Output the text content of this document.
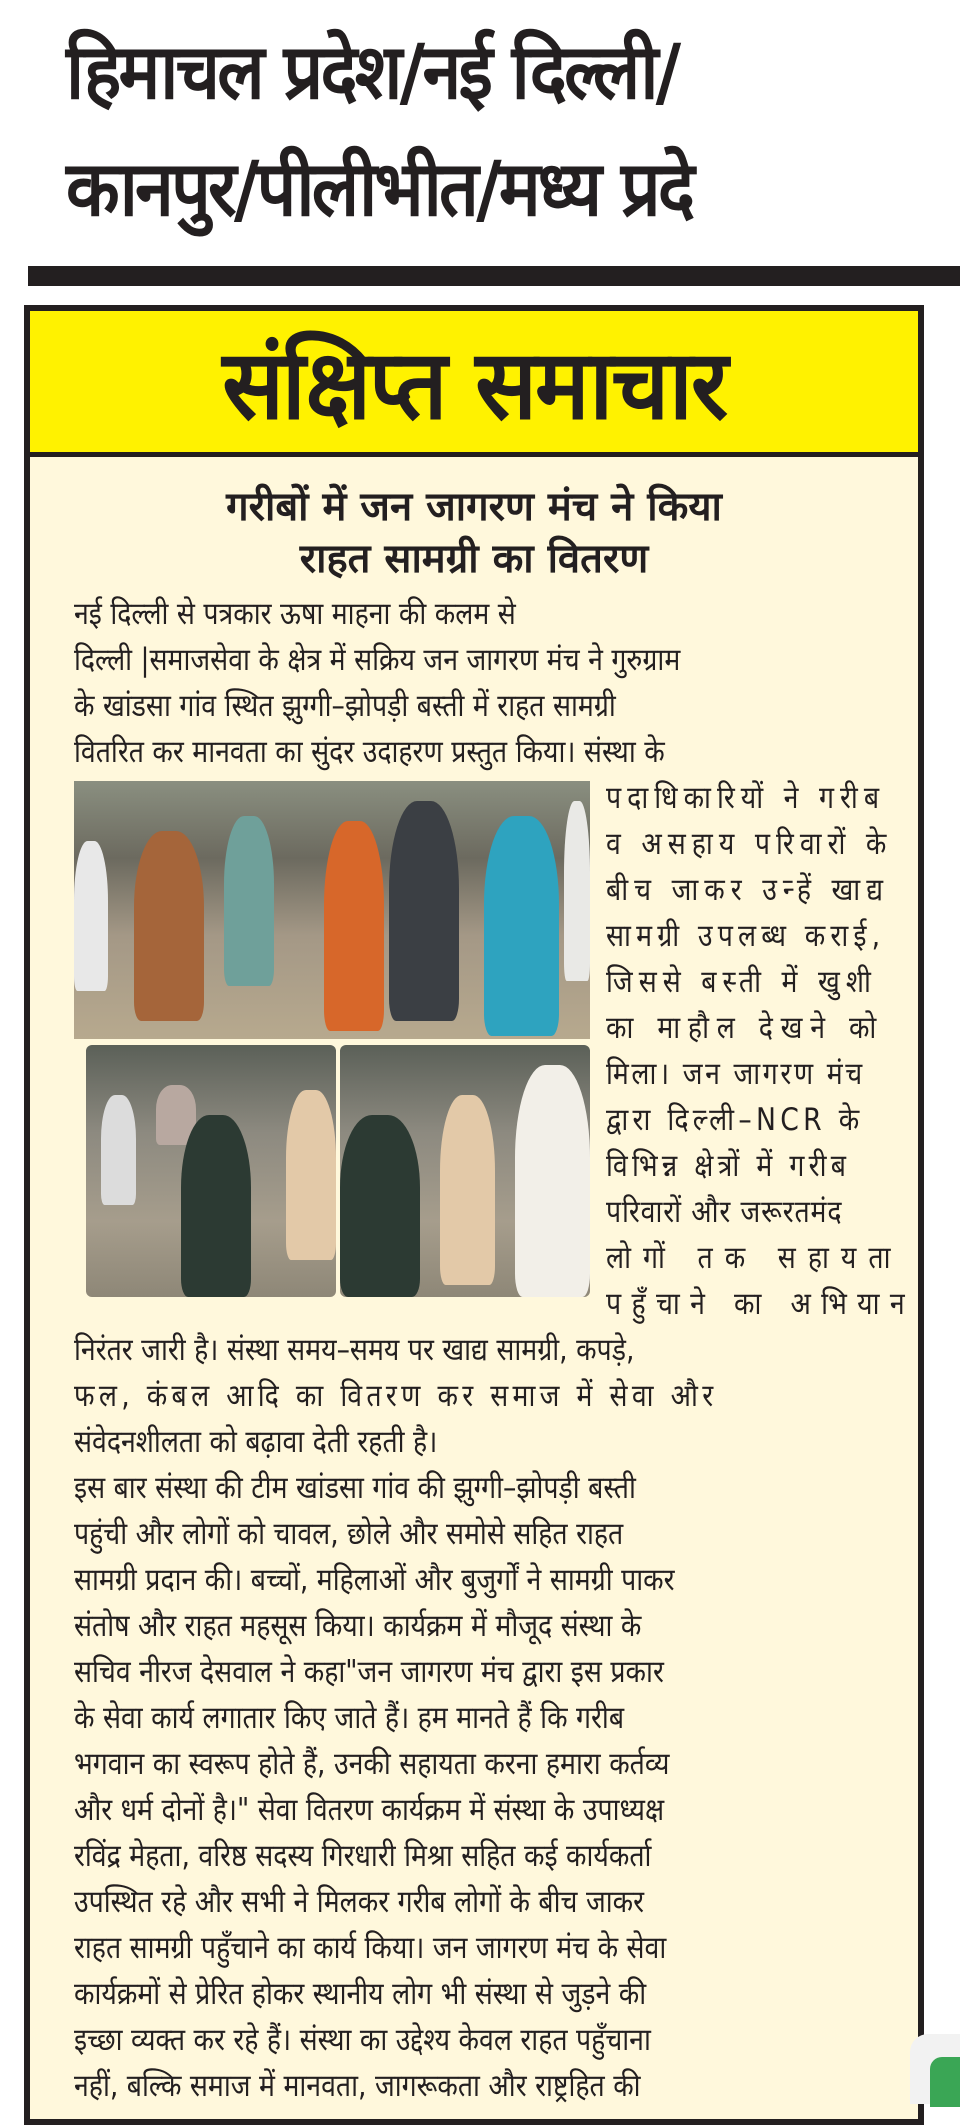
हिमाचल प्रदेश/नई दिल्ली/
कानपुर/पीलीभीत/मध्य प्रदे
संक्षिप्त समाचार
गरीबों में जन जागरण मंच ने किया
राहत सामग्री का वितरण
नई दिल्ली से पत्रकार ऊषा माहना की कलम से
दिल्ली |समाजसेवा के क्षेत्र में सक्रिय जन जागरण मंच ने गुरुग्राम
के खांडसा गांव स्थित झुग्गी–झोपड़ी बस्ती में राहत सामग्री
वितरित कर मानवता का सुंदर उदाहरण प्रस्तुत किया। संस्था के
पदाधिकारियों ने गरीब
व असहाय परिवारों के
बीच जाकर उन्हें खाद्य
सामग्री उपलब्ध कराई,
जिससे बस्ती में खुशी
का माहौल देखने को
मिला। जन जागरण मंच
द्वारा दिल्ली–NCR के
विभिन्न क्षेत्रों में गरीब
परिवारों और जरूरतमंद
लोगों तक सहायता
पहुँचाने का अभियान
निरंतर जारी है। संस्था समय–समय पर खाद्य सामग्री, कपड़े,
फल, कंबल आदि का वितरण कर समाज में सेवा और
संवेदनशीलता को बढ़ावा देती रहती है।
इस बार संस्था की टीम खांडसा गांव की झुग्गी–झोपड़ी बस्ती
पहुंची और लोगों को चावल, छोले और समोसे सहित राहत
सामग्री प्रदान की। बच्चों, महिलाओं और बुजुर्गों ने सामग्री पाकर
संतोष और राहत महसूस किया। कार्यक्रम में मौजूद संस्था के
सचिव नीरज देसवाल ने कहा"जन जागरण मंच द्वारा इस प्रकार
के सेवा कार्य लगातार किए जाते हैं। हम मानते हैं कि गरीब
भगवान का स्वरूप होते हैं, उनकी सहायता करना हमारा कर्तव्य
और धर्म दोनों है।" सेवा वितरण कार्यक्रम में संस्था के उपाध्यक्ष
रविंद्र मेहता, वरिष्ठ सदस्य गिरधारी मिश्रा सहित कई कार्यकर्ता
उपस्थित रहे और सभी ने मिलकर गरीब लोगों के बीच जाकर
राहत सामग्री पहुँचाने का कार्य किया। जन जागरण मंच के सेवा
कार्यक्रमों से प्रेरित होकर स्थानीय लोग भी संस्था से जुड़ने की
इच्छा व्यक्त कर रहे हैं। संस्था का उद्देश्य केवल राहत पहुँचाना
नहीं, बल्कि समाज में मानवता, जागरूकता और राष्ट्रहित की
